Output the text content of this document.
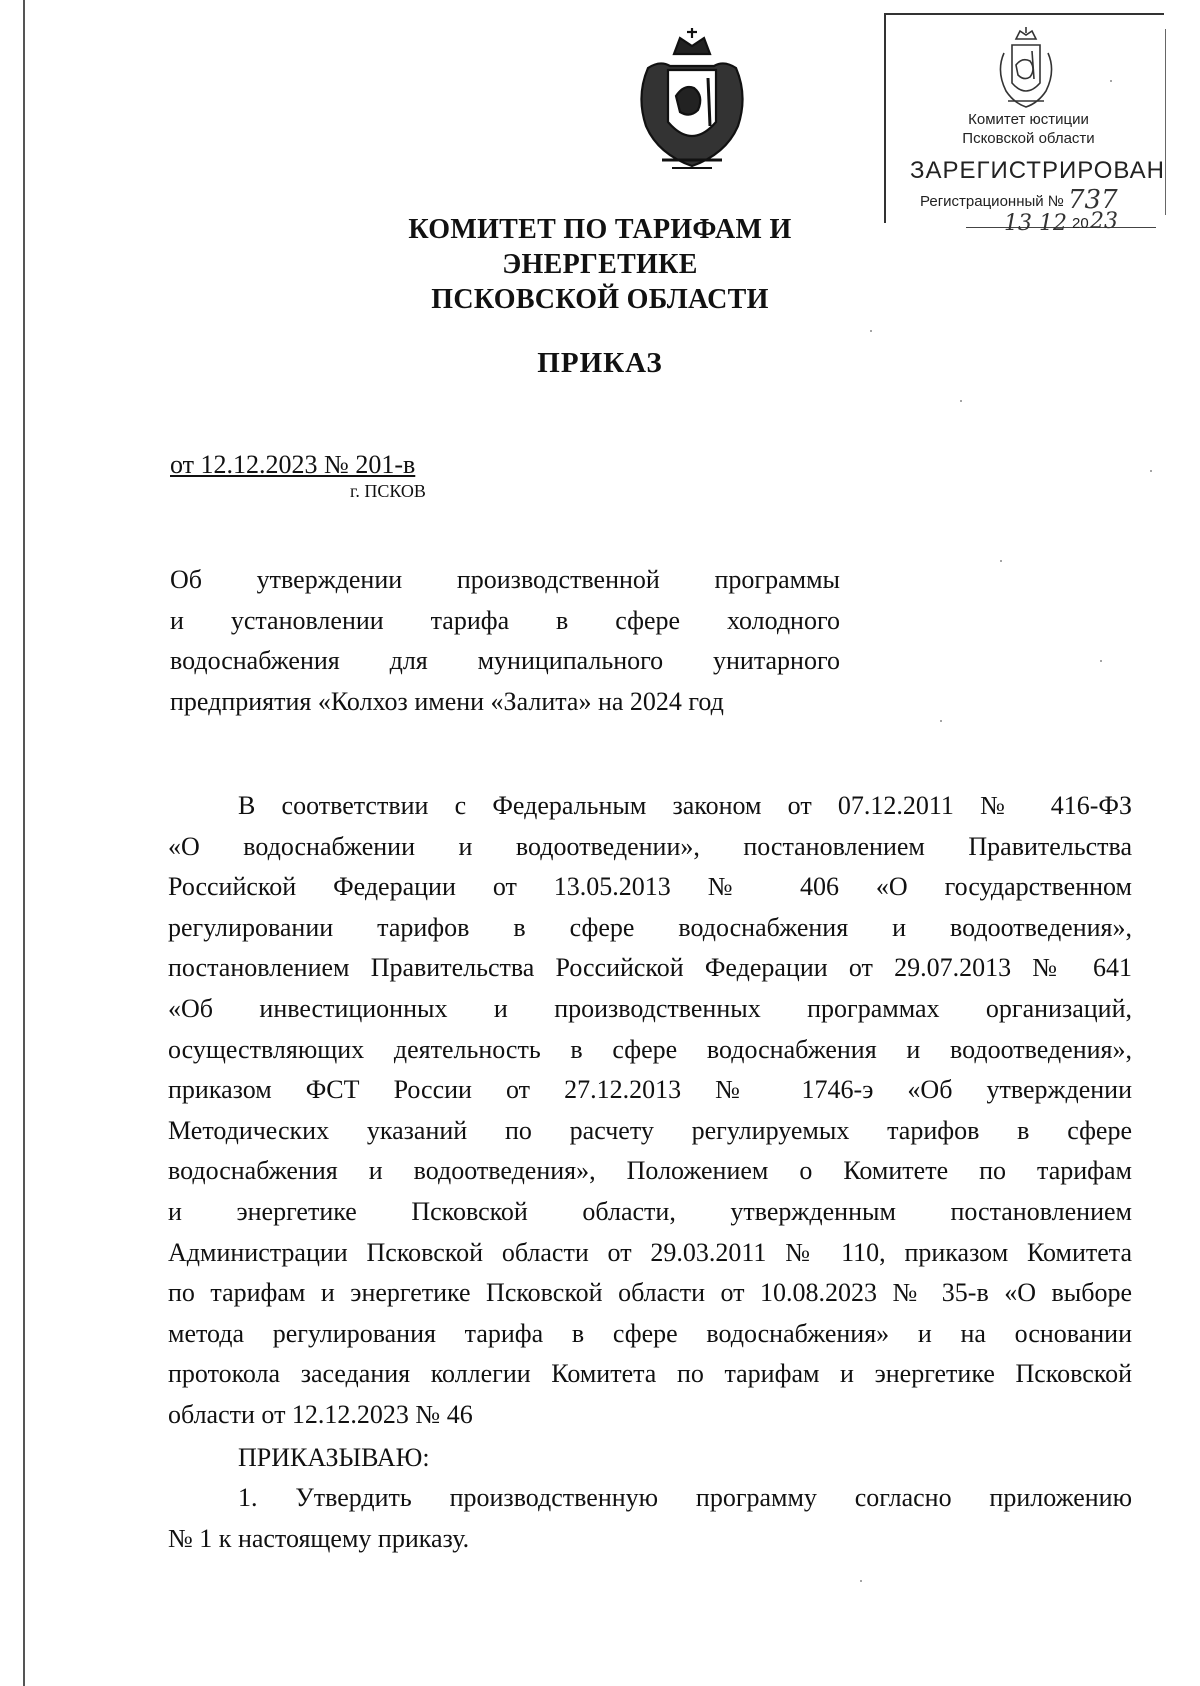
Комитет юстиции
Псковской области
ЗАРЕГИСТРИРОВАН
Регистрационный № 737
13 12 20 23
КОМИТЕТ ПО ТАРИФАМ И ЭНЕРГЕТИКЕ
ПСКОВСКОЙ ОБЛАСТИ
ПРИКАЗ
от 12.12.2023 № 201-в
г. ПСКОВ
Об утверждении производственной программы
и установлении тарифа в сфере холодного
водоснабжения для муниципального унитарного
предприятия «Колхоз имени «Залита» на 2024 год
В соответствии с Федеральным законом от 07.12.2011 № 416-ФЗ
«О водоснабжении и водоотведении», постановлением Правительства
Российской Федерации от 13.05.2013 № 406 «О государственном
регулировании тарифов в сфере водоснабжения и водоотведения»,
постановлением Правительства Российской Федерации от 29.07.2013 № 641
«Об инвестиционных и производственных программах организаций,
осуществляющих деятельность в сфере водоснабжения и водоотведения»,
приказом ФСТ России от 27.12.2013 № 1746-э «Об утверждении
Методических указаний по расчету регулируемых тарифов в сфере
водоснабжения и водоотведения», Положением о Комитете по тарифам
и энергетике Псковской области, утвержденным постановлением
Администрации Псковской области от 29.03.2011 № 110, приказом Комитета
по тарифам и энергетике Псковской области от 10.08.2023 № 35-в «О выборе
метода регулирования тарифа в сфере водоснабжения» и на основании
протокола заседания коллегии Комитета по тарифам и энергетике Псковской
области от 12.12.2023 № 46
ПРИКАЗЫВАЮ:
1. Утвердить производственную программу согласно приложению
№ 1 к настоящему приказу.
